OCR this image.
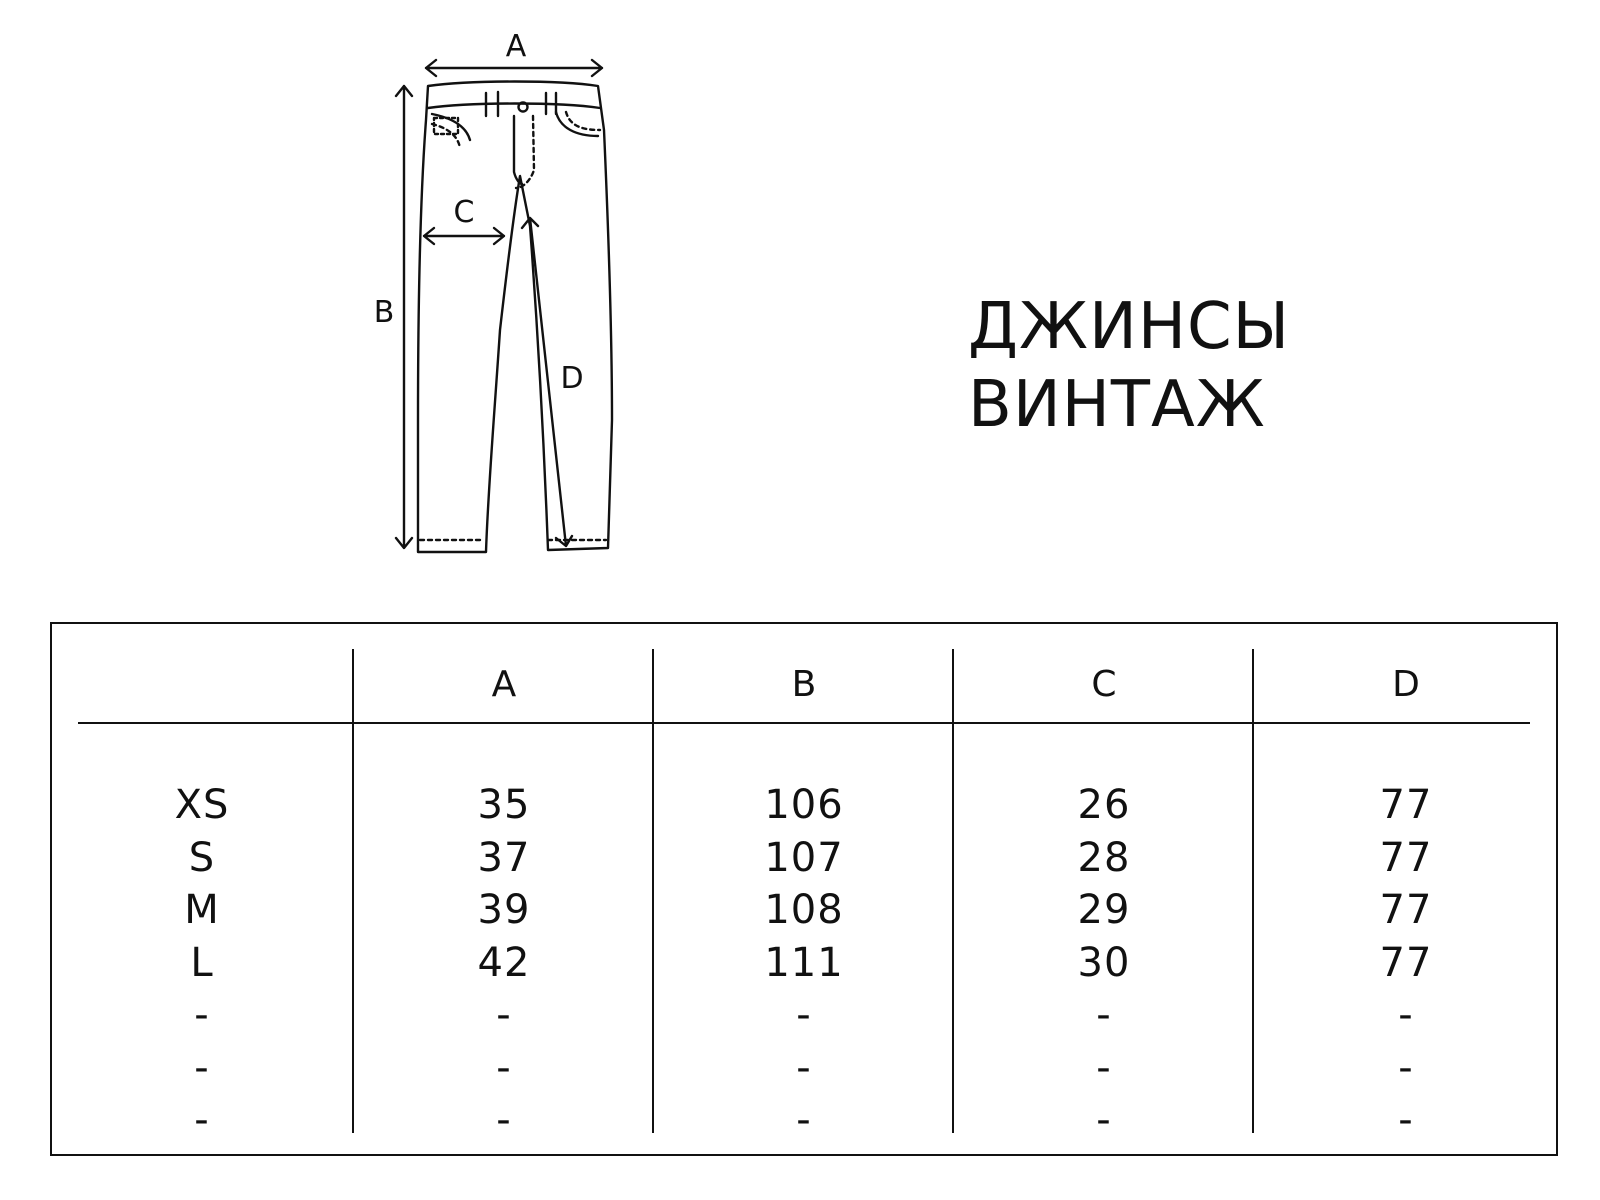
A
B
C
D
ДЖИНСЫ
ВИНТАЖ
XS
S
M
L
-
-
-
A
35
37
39
42
-
-
-
B
106
107
108
111
-
-
-
C
26
28
29
30
-
-
-
D
77
77
77
77
-
-
-
